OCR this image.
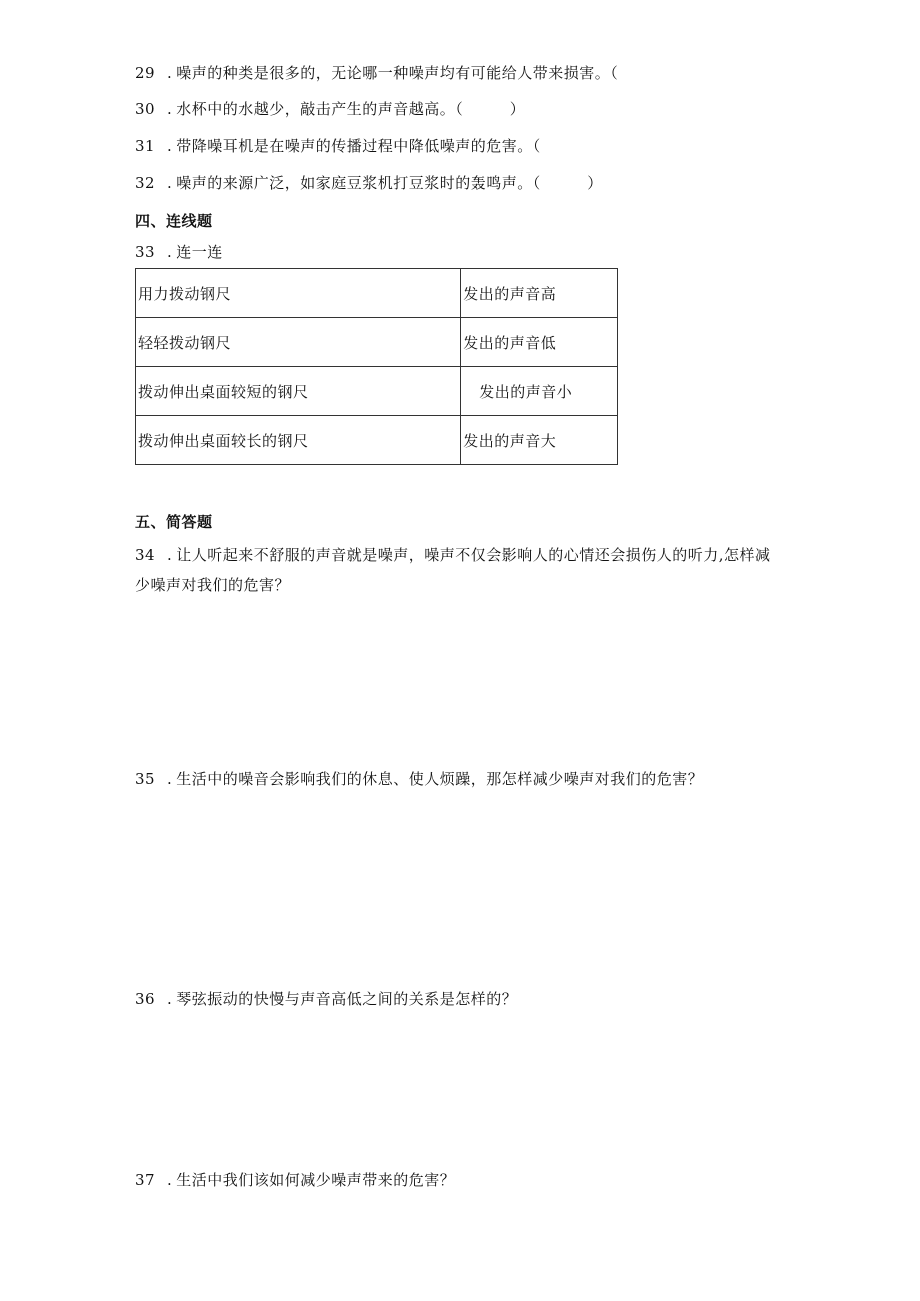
29 . 噪声的种类是很多的，无论哪一种噪声均有可能给人带来损害。（
30 . 水杯中的水越少，敲击产生的声音越高。（　　　）
31 . 带降噪耳机是在噪声的传播过程中降低噪声的危害。（
32 . 噪声的来源广泛，如家庭豆浆机打豆浆时的轰鸣声。（　　　）
四、连线题
33 . 连一连
用力拨动钢尺	发出的声音高
轻轻拨动钢尺	发出的声音低
拨动伸出桌面较短的钢尺	发出的声音小
拨动伸出桌面较长的钢尺	发出的声音大
五、简答题
34 . 让人听起来不舒服的声音就是噪声，噪声不仅会影响人的心情还会损伤人的听力,怎样减
少噪声对我们的危害？
35 . 生活中的噪音会影响我们的休息、使人烦躁，那怎样减少噪声对我们的危害？
36 . 琴弦振动的快慢与声音高低之间的关系是怎样的？
37 . 生活中我们该如何减少噪声带来的危害？
